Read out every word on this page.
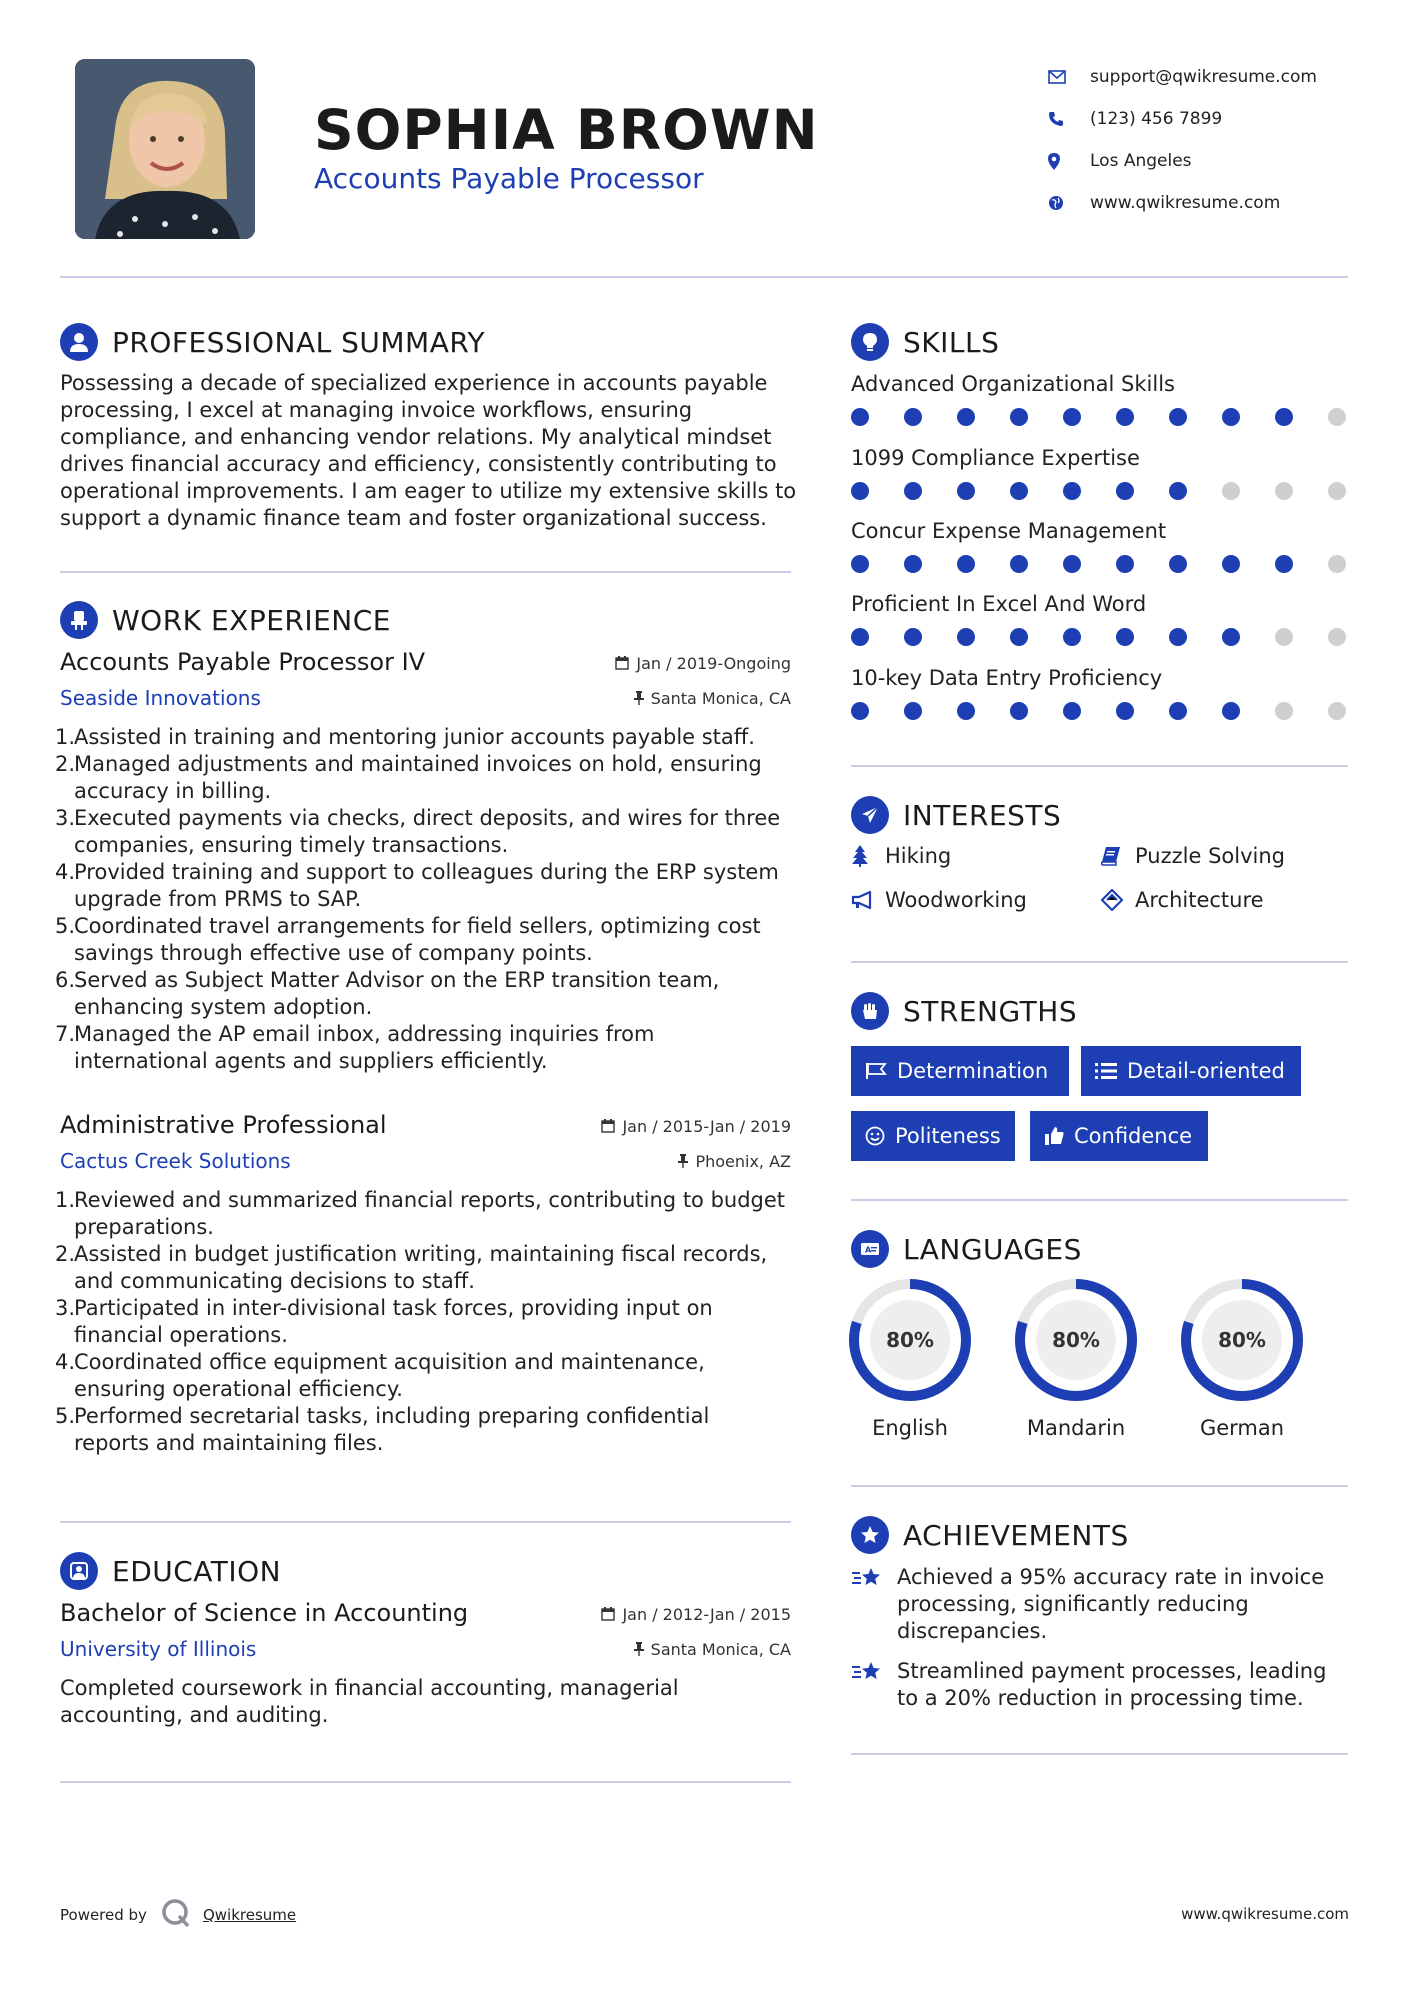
SOPHIA BROWN
Accounts Payable Processor
support@qwikresume.com
(123) 456 7899
Los Angeles
www.qwikresume.com
PROFESSIONAL SUMMARY
Possessing a decade of specialized experience in accounts payable processing, I excel at managing invoice workflows, ensuring compliance, and enhancing vendor relations. My analytical mindset drives financial accuracy and efficiency, consistently contributing to operational improvements. I am eager to utilize my extensive skills to support a dynamic finance team and foster organizational success.
WORK EXPERIENCE
Accounts Payable Processor IV	Jan / 2019-Ongoing
Seaside Innovations	Santa Monica, CA
1.
Assisted in training and mentoring junior accounts payable staff.
2.
Managed adjustments and maintained invoices on hold, ensuring accuracy in billing.
3.
Executed payments via checks, direct deposits, and wires for three companies, ensuring timely transactions.
4.
Provided training and support to colleagues during the ERP system upgrade from PRMS to SAP.
5.
Coordinated travel arrangements for field sellers, optimizing cost savings through effective use of company points.
6.
Served as Subject Matter Advisor on the ERP transition team, enhancing system adoption.
7.
Managed the AP email inbox, addressing inquiries from international agents and suppliers efficiently.
Administrative Professional	Jan / 2015-Jan / 2019
Cactus Creek Solutions	Phoenix, AZ
1.
Reviewed and summarized financial reports, contributing to budget preparations.
2.
Assisted in budget justification writing, maintaining fiscal records, and communicating decisions to staff.
3.
Participated in inter-divisional task forces, providing input on financial operations.
4.
Coordinated office equipment acquisition and maintenance, ensuring operational efficiency.
5.
Performed secretarial tasks, including preparing confidential reports and maintaining files.
EDUCATION
Bachelor of Science in Accounting	Jan / 2012-Jan / 2015
University of Illinois	Santa Monica, CA
Completed coursework in financial accounting, managerial accounting, and auditing.
SKILLS
Advanced Organizational Skills
1099 Compliance Expertise
Concur Expense Management
Proficient In Excel And Word
10-key Data Entry Proficiency
INTERESTS
Hiking	Puzzle Solving
Woodworking	Architecture
STRENGTHS
Determination	Detail-oriented
Politeness	Confidence
A LANGUAGES
80%
English
80%
Mandarin
80%
German
ACHIEVEMENTS
Achieved a 95% accuracy rate in invoice processing, significantly reducing discrepancies.
Streamlined payment processes, leading to a 20% reduction in processing time.
Powered by	Qwikresume	www.qwikresume.com
